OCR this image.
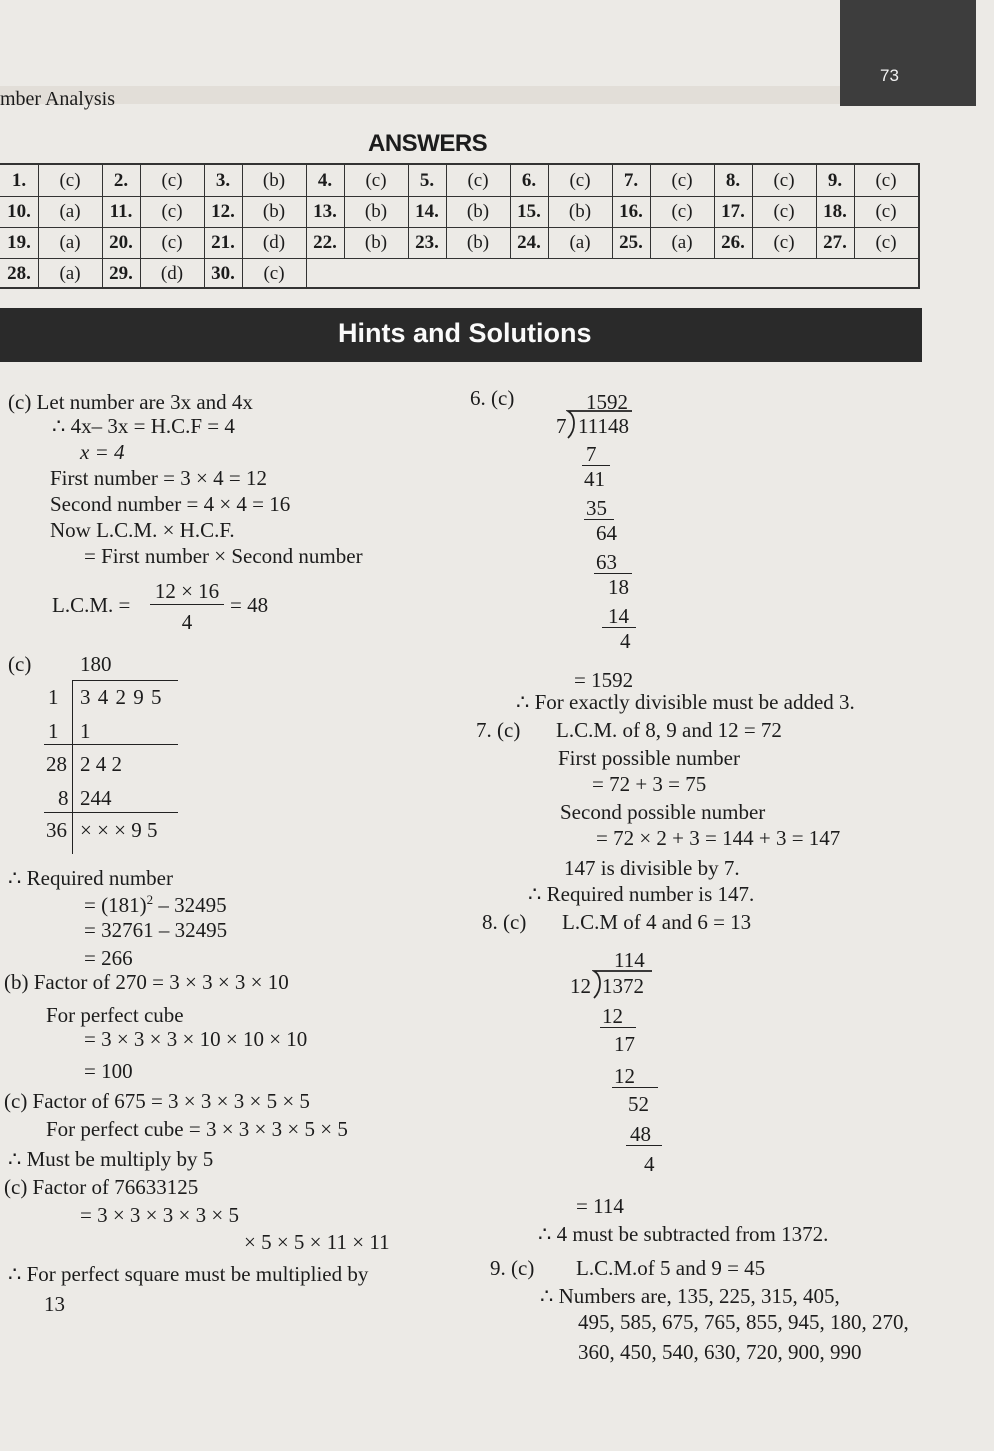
mber Analysis
73
ANSWERS
1.	(c)	2.	(c)	3.	(b)	4.	(c)	5.	(c)	6.	(c)	7.	(c)	8.	(c)	9.	(c)
10.	(a)	11.	(c)	12.	(b)	13.	(b)	14.	(b)	15.	(b)	16.	(c)	17.	(c)	18.	(c)
19.	(a)	20.	(c)	21.	(d)	22.	(b)	23.	(b)	24.	(a)	25.	(a)	26.	(c)	27.	(c)
28.	(a)	29.	(d)	30.	(c)
Hints and Solutions
(c) Let number are 3x and 4x
∴ 4x– 3x = H.C.F = 4
x = 4
First number = 3 × 4 = 12
Second number = 4 × 4 = 16
Now L.C.M. × H.C.F.
= First number × Second number
L.C.M. =
12 × 16
4
= 48
(c) 180
1 3 4 2 9 5
1 1
28 2 4 2
8 244
36 × × × 9 5
∴ Required number
= $(181)^2 - 32495$
= 32761 – 32495
= 266
(b) Factor of 270 = 3 × 3 × 3 × 10
For perfect cube
= 3 × 3 × 3 × 10 × 10 × 10
= 100
(c) Factor of 675 = 3 × 3 × 3 × 5 × 5
For perfect cube = 3 × 3 × 3 × 5 × 5
∴ Must be multiply by 5
(c) Factor of 76633125
= 3 × 3 × 3 × 3 × 5
× 5 × 5 × 11 × 11
∴ For perfect square must be multiplied by
13
6. (c)	1592
7 11148
7
41
35
64
63
18
14
4
= 1592
∴ For exactly divisible must be added 3.
7. (c) L.C.M. of 8, 9 and 12 = 72
First possible number
= 72 + 3 = 75
Second possible number
= 72 × 2 + 3 = 144 + 3 = 147
147 is divisible by 7.
∴ Required number is 147.
8. (c) L.C.M of 4 and 6 = 13
114
12 1372
12
17
12
52
48
4
= 114
∴ 4 must be subtracted from 1372.
9. (c) L.C.M.of 5 and 9 = 45
∴ Numbers are, 135, 225, 315, 405,
495, 585, 675, 765, 855, 945, 180, 270,
360, 450, 540, 630, 720, 900, 990
